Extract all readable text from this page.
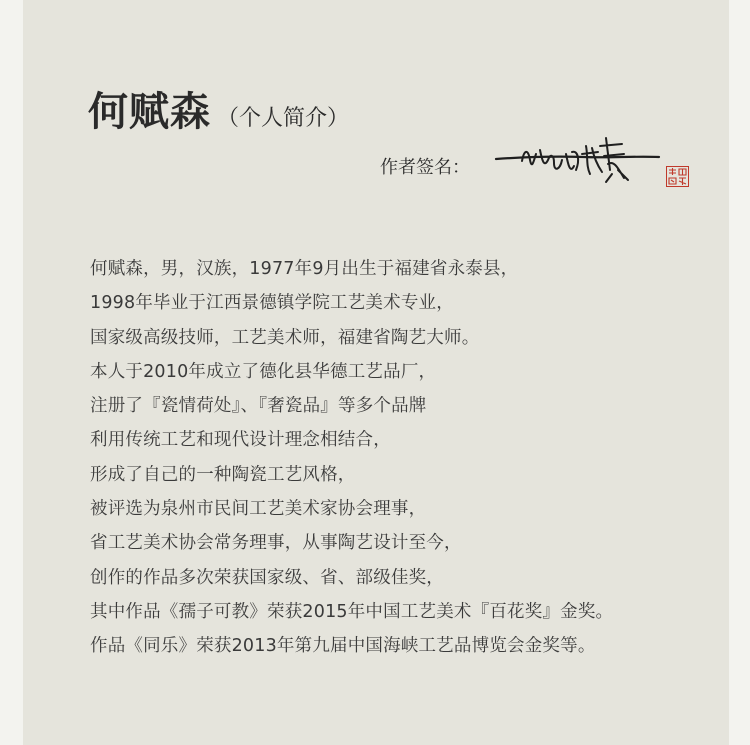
何赋森 （个人简介）
作者签名：
何赋森，男，汉族，1977年9月出生于福建省永泰县，
1998年毕业于江西景德镇学院工艺美术专业，
国家级高级技师，工艺美术师，福建省陶艺大师。
本人于2010年成立了德化县华德工艺品厂，
注册了『瓷情荷处』、『奢瓷品』等多个品牌
利用传统工艺和现代设计理念相结合，
形成了自己的一种陶瓷工艺风格，
被评选为泉州市民间工艺美术家协会理事，
省工艺美术协会常务理事，从事陶艺设计至今，
创作的作品多次荣获国家级、省、部级佳奖，
其中作品《孺子可教》荣获2015年中国工艺美术『百花奖』金奖。
作品《同乐》荣获2013年第九届中国海峡工艺品博览会金奖等。
